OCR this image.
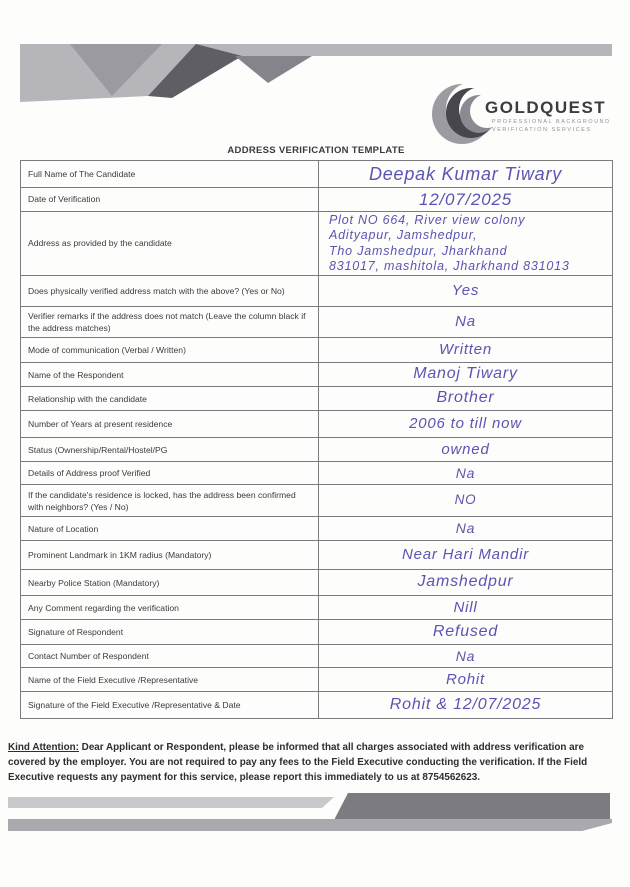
GOLDQUEST
PROFESSIONAL BACKGROUND
VERIFICATION SERVICES
ADDRESS VERIFICATION TEMPLATE
Full Name of The Candidate	Deepak Kumar Tiwary
Date of Verification	12/07/2025
Address as provided by the candidate	Plot NO 664, River view colony
Adityapur, Jamshedpur,
Tho Jamshedpur, Jharkhand
831017, mashitola, Jharkhand 831013

Does physically verified address match with the above? (Yes or No)	Yes
Verifier remarks if the address does not match (Leave the column black if the address matches)	Na
Mode of communication (Verbal / Written)	Written
Name of the Respondent	Manoj Tiwary
Relationship with the candidate	Brother
Number of Years at present residence	2006 to till now
Status (Ownership/Rental/Hostel/PG	owned
Details of Address proof Verified	Na
If the candidate's residence is locked, has the address been confirmed with neighbors? (Yes / No)	NO
Nature of Location	Na
Prominent Landmark in 1KM radius (Mandatory)	Near Hari Mandir
Nearby Police Station (Mandatory)	Jamshedpur
Any Comment regarding the verification	Nill
Signature of Respondent	Refused
Contact Number of Respondent	Na
Name of the Field Executive /Representative	Rohit
Signature of the Field Executive /Representative & Date	Rohit & 12/07/2025
Kind Attention: Dear Applicant or Respondent, please be informed that all charges associated with address verification are covered by the employer. You are not required to pay any fees to the Field Executive conducting the verification. If the Field Executive requests any payment for this service, please report this immediately to us at 8754562623.
